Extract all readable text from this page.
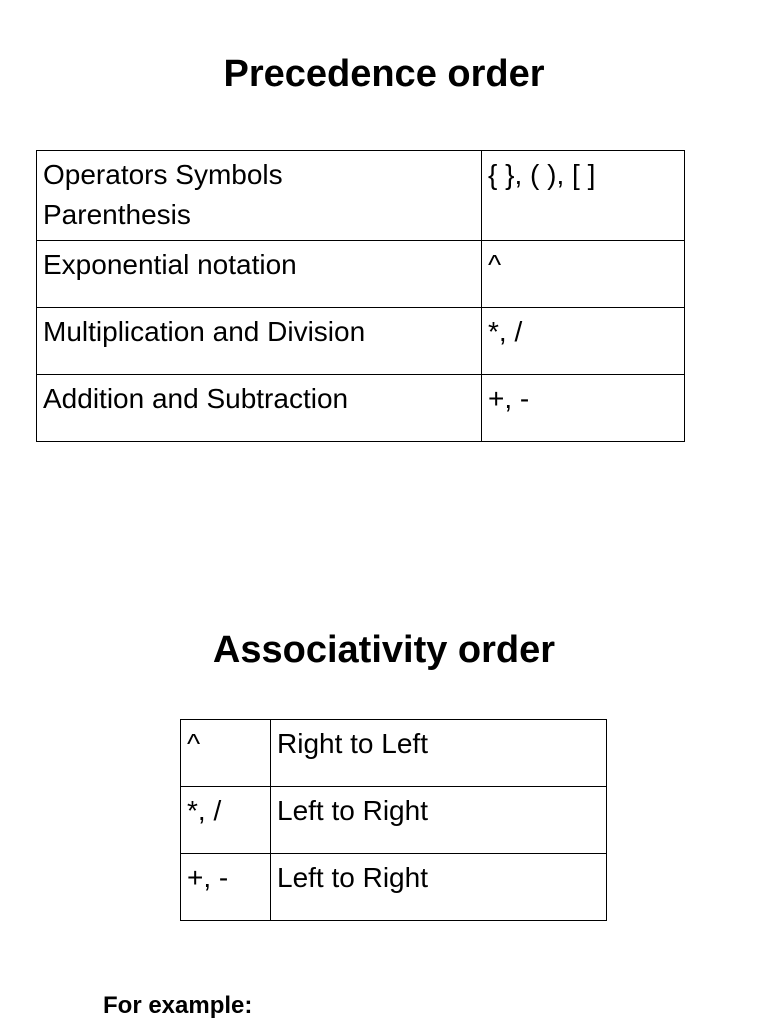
Precedence order
Operators Symbols
Parenthesis	{ }, ( ), [ ]
Exponential notation	^
Multiplication and Division	*, /
Addition and Subtraction	+, -
Associativity order
^	Right to Left
*, /	Left to Right
+, -	Left to Right

For example:
